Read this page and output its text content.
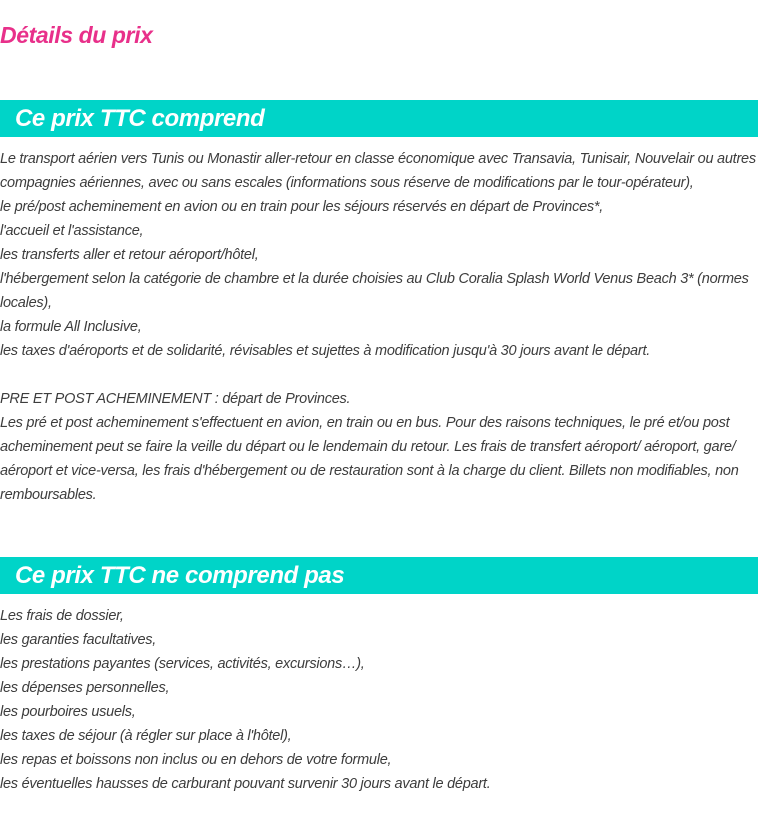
Détails du prix
Ce prix TTC comprend

Le transport aérien vers Tunis ou Monastir aller-retour en classe économique avec Transavia, Tunisair, Nouvelair ou autres compagnies aériennes, avec ou sans escales (informations sous réserve de modifications par le tour-opérateur),

le pré/post acheminement en avion ou en train pour les séjours réservés en départ de Provinces*,

l'accueil et l'assistance,

les transferts aller et retour aéroport/hôtel,

l'hébergement selon la catégorie de chambre et la durée choisies au Club Coralia Splash World Venus Beach 3* (normes locales),

la formule All Inclusive,

les taxes d'aéroports et de solidarité, révisables et sujettes à modification jusqu'à 30 jours avant le départ.

PRE ET POST ACHEMINEMENT : départ de Provinces.

Les pré et post acheminement s'effectuent en avion, en train ou en bus. Pour des raisons techniques, le pré et/ou post acheminement peut se faire la veille du départ ou le lendemain du retour. Les frais de transfert aéroport/ aéroport, gare/ aéroport et vice-versa, les frais d'hébergement ou de restauration sont à la charge du client. Billets non modifiables, non remboursables.

Ce prix TTC ne comprend pas

Les frais de dossier,

les garanties facultatives,

les prestations payantes (services, activités, excursions…),

les dépenses personnelles,

les pourboires usuels,

les taxes de séjour (à régler sur place à l'hôtel),

les repas et boissons non inclus ou en dehors de votre formule,

les éventuelles hausses de carburant pouvant survenir 30 jours avant le départ.
